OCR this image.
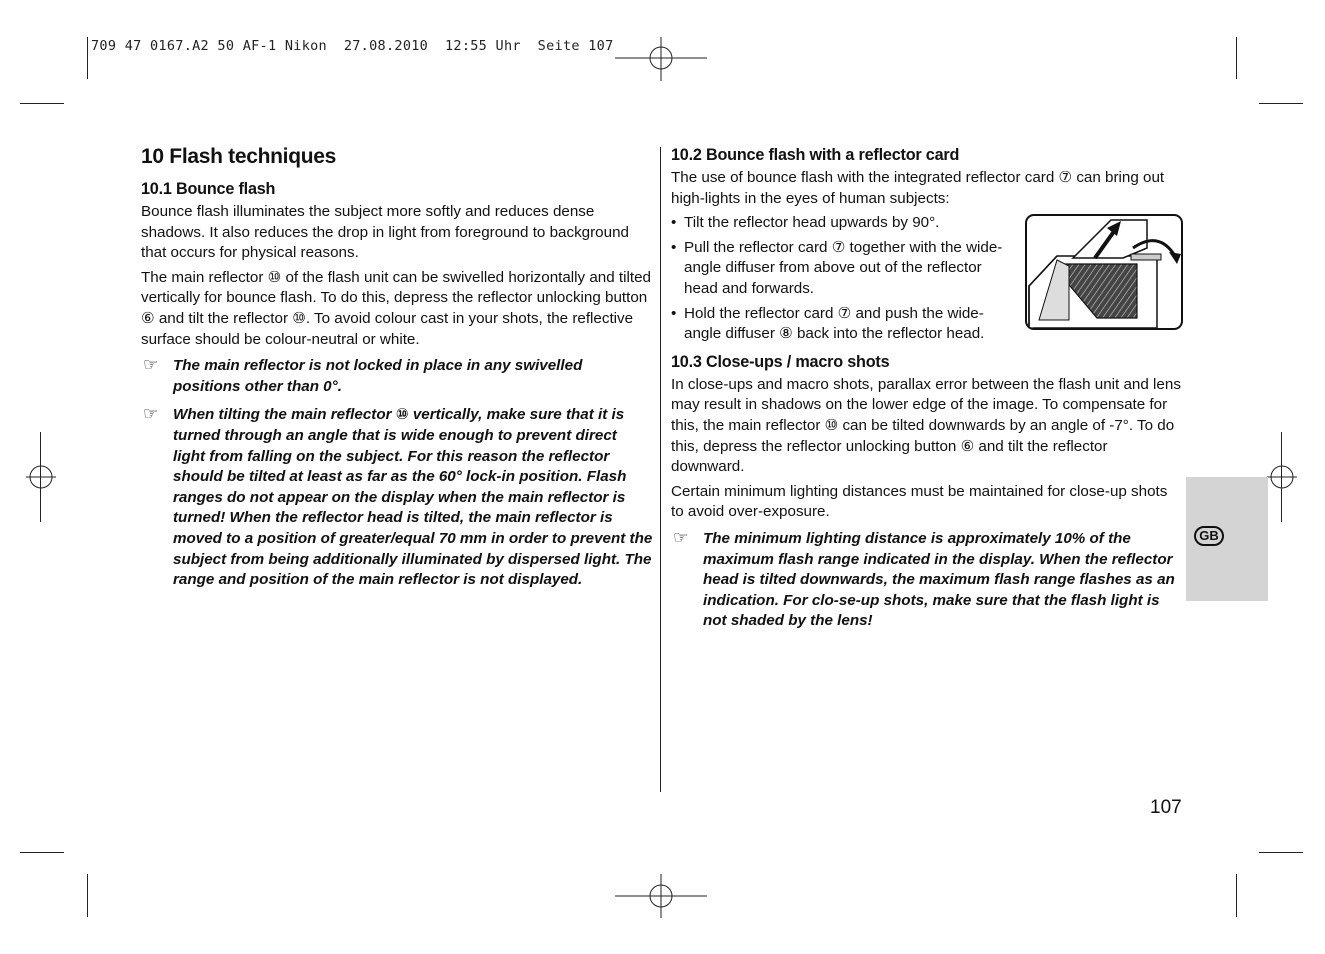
709 47 0167.A2 50 AF-1 Nikon  27.08.2010  12:55 Uhr  Seite 107
10 Flash techniques
10.1 Bounce flash

Bounce flash illuminates the subject more softly and reduces dense shadows. It also reduces the drop in light from foreground to background that occurs for physical reasons.

The main reflector ⑩ of the flash unit can be swivelled horizontally and tilted vertically for bounce flash. To do this, depress the reflector unlocking button ⑥ and tilt the reflector ⑩. To avoid colour cast in your shots, the reflective surface should be colour-neutral or white.

☞ The main reflector is not locked in place in any swivelled positions other than 0°.
☞ When tilting the main reflector ⑩ vertically, make sure that it is turned through an angle that is wide enough to prevent direct light from falling on the subject. For this reason the reflector should be tilted at least as far as the 60° lock-in position. Flash ranges do not appear on the display when the main reflector is turned! When the reflector head is tilted, the main reflector is moved to a position of greater/equal 70 mm in order to prevent the subject from being additionally illuminated by dispersed light. The range and position of the main reflector is not displayed.
10.2 Bounce flash with a reflector card

The use of bounce flash with the integrated reflector card ⑦ can bring out high-lights in the eyes of human subjects:

• Tilt the reflector head upwards by 90°.
• Pull the reflector card ⑦ together with the wide-angle diffuser from above out of the reflector head and forwards.
• Hold the reflector card ⑦ and push the wide-angle diffuser ⑧ back into the reflector head.
10.3 Close-ups / macro shots

In close-ups and macro shots, parallax error between the flash unit and lens may result in shadows on the lower edge of the image. To compensate for this, the main reflector ⑩ can be tilted downwards by an angle of -7°. To do this, depress the reflector unlocking button ⑥ and tilt the reflector downward.

Certain minimum lighting distances must be maintained for close-up shots to avoid over-exposure.

☞ The minimum lighting distance is approximately 10% of the maximum flash range indicated in the display. When the reflector head is tilted downwards, the maximum flash range flashes as an indication. For clo-se-up shots, make sure that the flash light is not shaded by the lens!
GB
107
